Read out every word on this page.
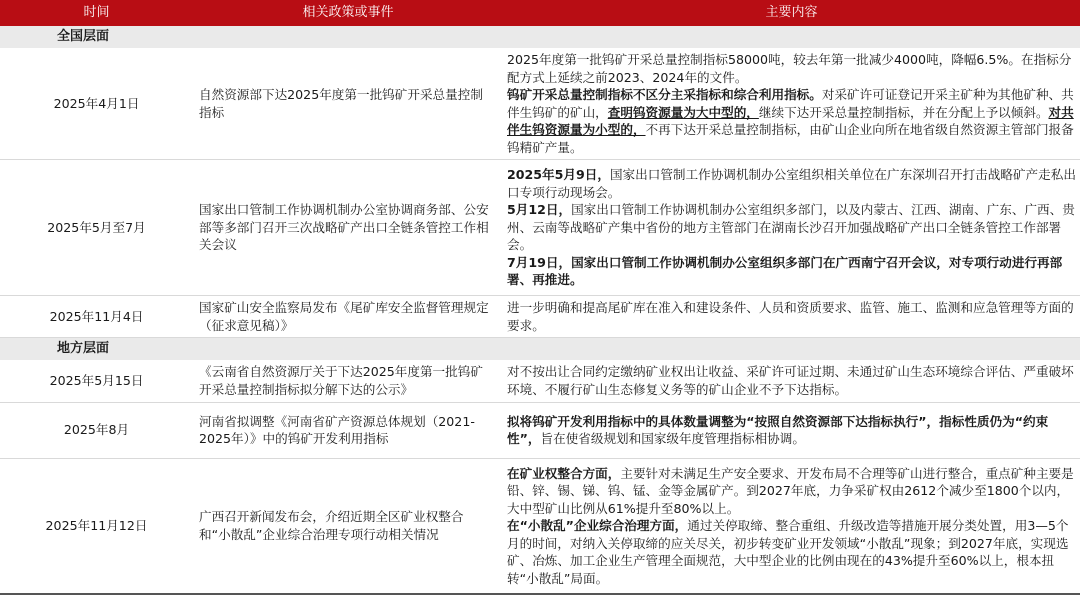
时间	相关政策或事件	主要内容
全国层面		
2025年4月1日	自然资源部下达2025年度第一批钨矿开采总量控制指标	2025年度第一批钨矿开采总量控制指标58000吨，较去年第一批减少4000吨，降幅6.5%。在指标分配方式上延续之前2023、2024年的文件。

钨矿开采总量控制指标不区分主采指标和综合利用指标。对采矿许可证登记开采主矿种为其他矿种、共伴生钨矿的矿山，查明钨资源量为大中型的，继续下达开采总量控制指标，并在分配上予以倾斜。对共伴生钨资源量为小型的，不再下达开采总量控制指标，由矿山企业向所在地省级自然资源主管部门报备钨精矿产量。

2025年5月至7月	国家出口管制工作协调机制办公室协调商务部、公安部等多部门召开三次战略矿产出口全链条管控工作相关会议	2025年5月9日，国家出口管制工作协调机制办公室组织相关单位在广东深圳召开打击战略矿产走私出口专项行动现场会。

5月12日，国家出口管制工作协调机制办公室组织多部门，以及内蒙古、江西、湖南、广东、广西、贵州、云南等战略矿产集中省份的地方主管部门在湖南长沙召开加强战略矿产出口全链条管控工作部署会。

7月19日，国家出口管制工作协调机制办公室组织多部门在广西南宁召开会议，对专项行动进行再部署、再推进。

2025年11月4日	国家矿山安全监察局发布《尾矿库安全监督管理规定（征求意见稿）》	进一步明确和提高尾矿库在准入和建设条件、人员和资质要求、监管、施工、监测和应急管理等方面的要求。
地方层面		
2025年5月15日	《云南省自然资源厅关于下达2025年度第一批钨矿开采总量控制指标拟分解下达的公示》	对不按出让合同约定缴纳矿业权出让收益、采矿许可证过期、未通过矿山生态环境综合评估、严重破坏环境、不履行矿山生态修复义务等的矿山企业不予下达指标。
2025年8月	河南省拟调整《河南省矿产资源总体规划（2021-2025年）》中的钨矿开发利用指标	拟将钨矿开发利用指标中的具体数量调整为“按照自然资源部下达指标执行”，指标性质仍为“约束性”，旨在使省级规划和国家级年度管理指标相协调。

2025年11月12日	广西召开新闻发布会，介绍近期全区矿业权整合和“小散乱”企业综合治理专项行动相关情况	在矿业权整合方面，主要针对未满足生产安全要求、开发布局不合理等矿山进行整合，重点矿种主要是铅、锌、锡、锑、钨、锰、金等金属矿产。到2027年底，力争采矿权由2612个减少至1800个以内，大中型矿山比例从61%提升至80%以上。

在“小散乱”企业综合治理方面，通过关停取缔、整合重组、升级改造等措施开展分类处置，用3—5个月的时间，对纳入关停取缔的应关尽关，初步转变矿业开发领域“小散乱”现象；到2027年底，实现选矿、冶炼、加工企业生产管理全面规范，大中型企业的比例由现在的43%提升至60%以上，根本扭转“小散乱”局面。
